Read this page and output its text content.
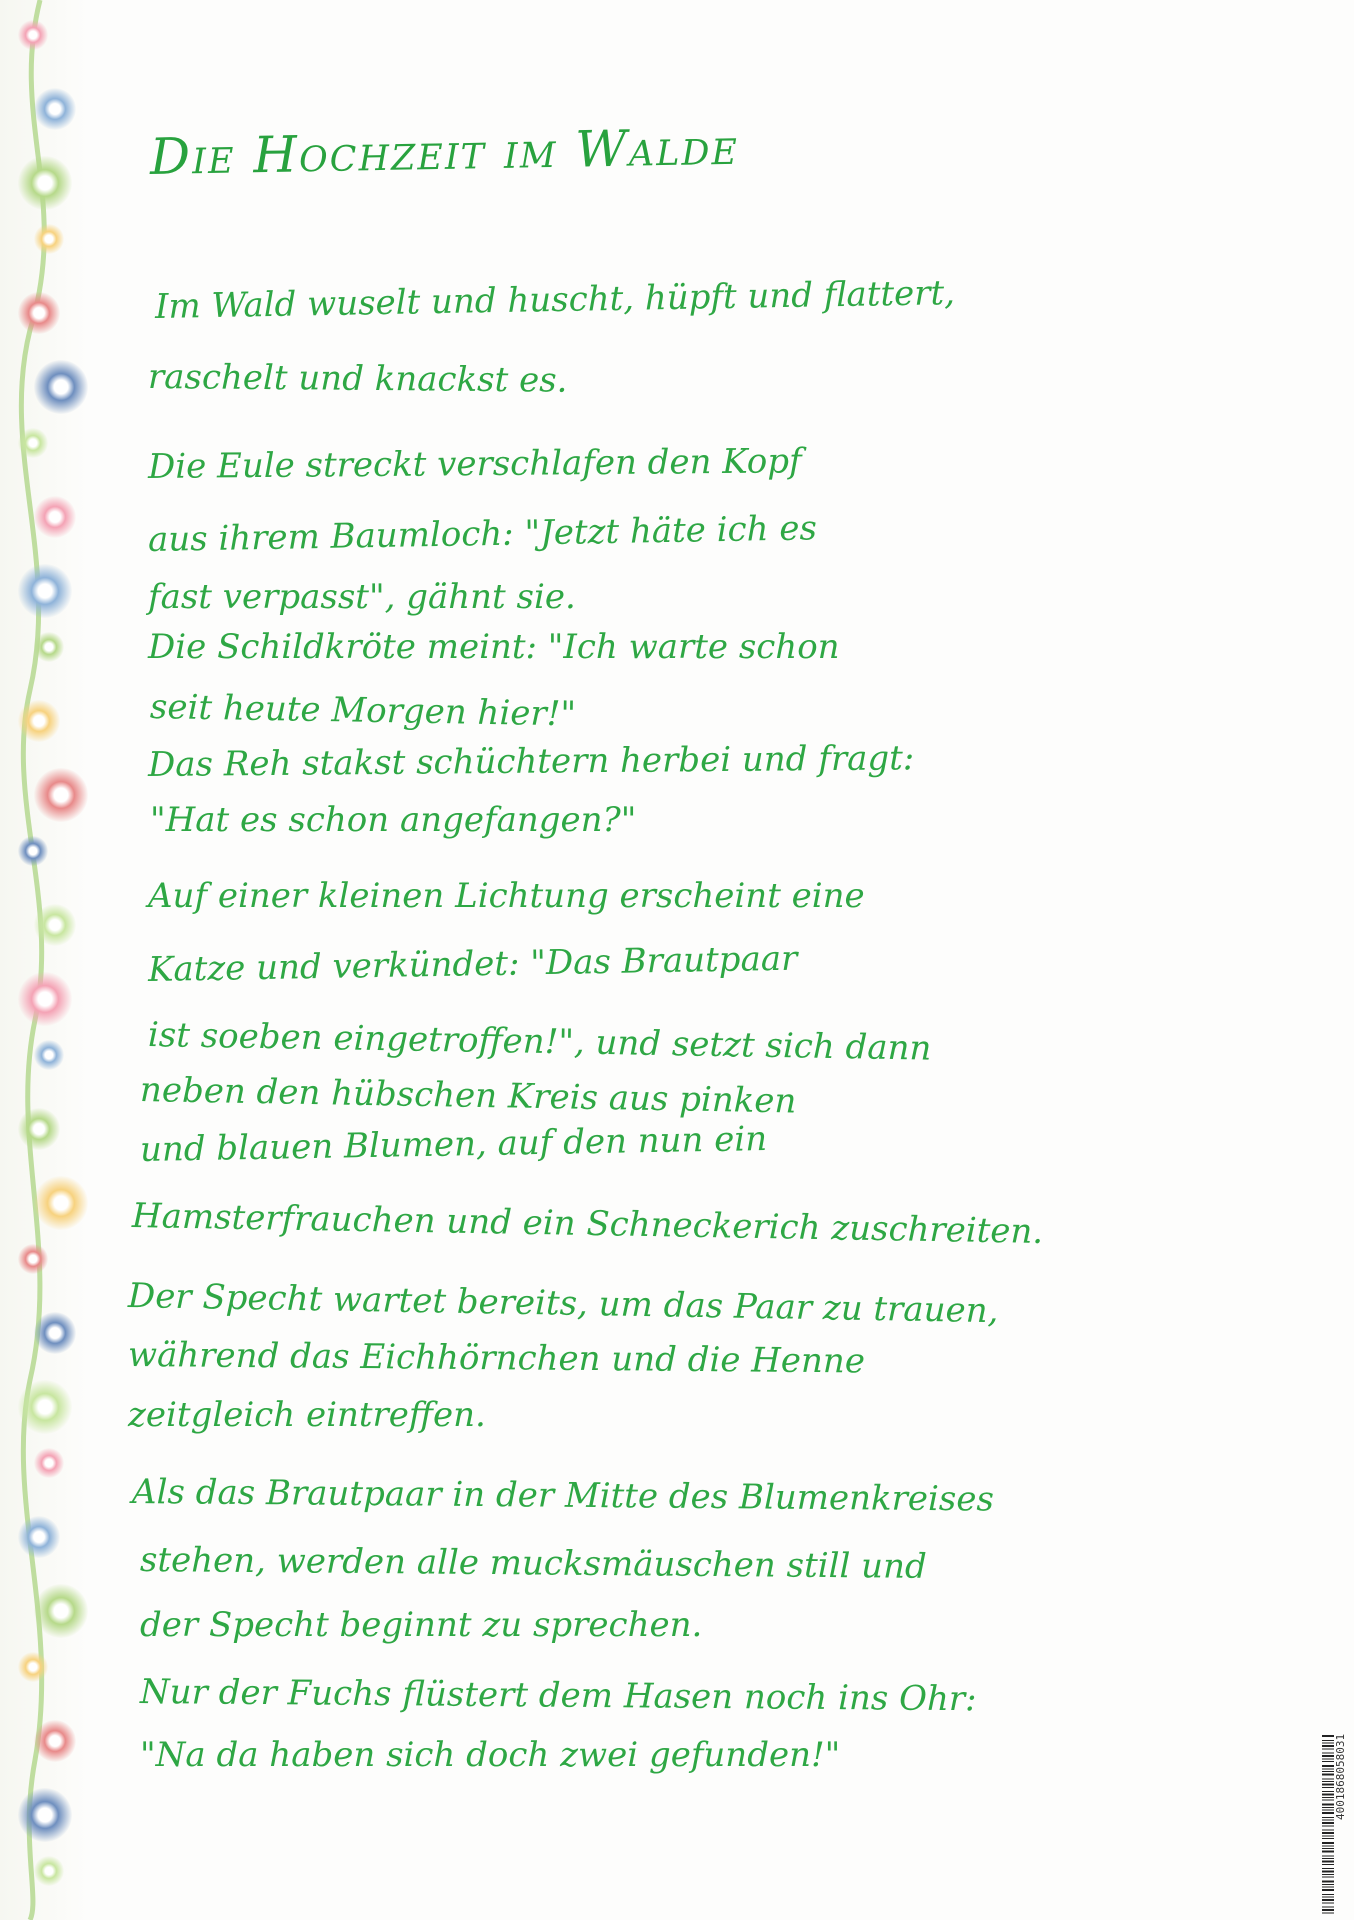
Die Hochzeit im Walde
Im Wald wuselt und huscht, hüpft und flattert,
raschelt und knackst es.
Die Eule streckt verschlafen den Kopf
aus ihrem Baumloch: "Jetzt häte ich es
fast verpasst", gähnt sie.
Die Schildkröte meint: "Ich warte schon
seit heute Morgen hier!"
Das Reh stakst schüchtern herbei und fragt:
"Hat es schon angefangen?"
Auf einer kleinen Lichtung erscheint eine
Katze und verkündet: "Das Brautpaar
ist soeben eingetroffen!", und setzt sich dann
neben den hübschen Kreis aus pinken
und blauen Blumen, auf den nun ein
Hamsterfrauchen und ein Schneckerich zuschreiten.
Der Specht wartet bereits, um das Paar zu trauen,
während das Eichhörnchen und die Henne
zeitgleich eintreffen.
Als das Brautpaar in der Mitte des Blumenkreises
stehen, werden alle mucksmäuschen still und
der Specht beginnt zu sprechen.
Nur der Fuchs flüstert dem Hasen noch ins Ohr:
"Na da haben sich doch zwei gefunden!"	4001868058031
